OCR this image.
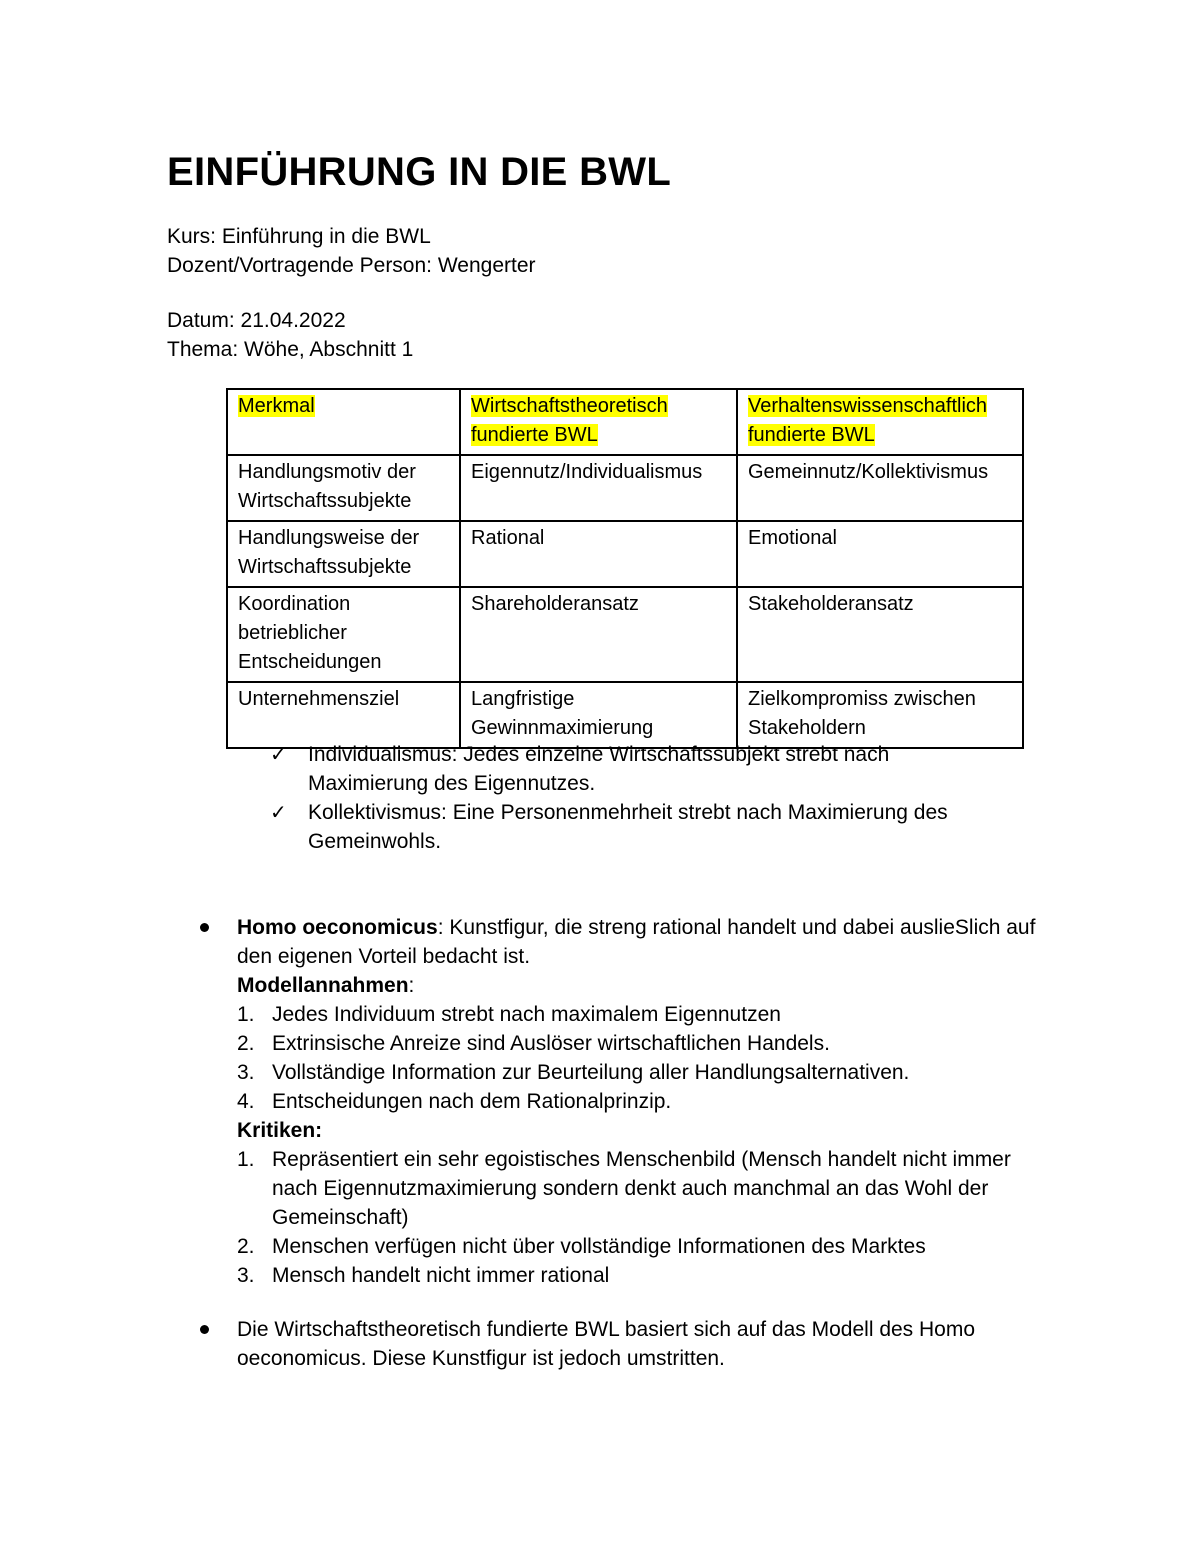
EINFÜHRUNG IN DIE BWL
Kurs: Einführung in die BWL
Dozent/Vortragende Person: Wengerter
Datum: 21.04.2022
Thema: Wöhe, Abschnitt 1
Merkmal	Wirtschaftstheoretisch fundierte BWL	Verhaltenswissenschaftlich fundierte BWL
Handlungsmotiv der Wirtschaftssubjekte	Eigennutz/Individualismus	Gemeinnutz/Kollektivismus
Handlungsweise der Wirtschaftssubjekte	Rational	Emotional
Koordination betrieblicher Entscheidungen	Shareholderansatz	Stakeholderansatz
Unternehmensziel	Langfristige Gewinnmaximierung	Zielkompromiss zwischen Stakeholdern
✓ Individualismus: Jedes einzelne Wirtschaftssubjekt strebt nach Maximierung des Eigennutzes.
✓ Kollektivismus: Eine Personenmehrheit strebt nach Maximierung des Gemeinwohls.
Homo oeconomicus: Kunstfigur, die streng rational handelt und dabei auslieSlich auf den eigenen Vorteil bedacht ist.
Modellannahmen:
1. Jedes Individuum strebt nach maximalem Eigennutzen
2. Extrinsische Anreize sind Auslöser wirtschaftlichen Handels.
3. Vollständige Information zur Beurteilung aller Handlungsalternativen.
4. Entscheidungen nach dem Rationalprinzip.
Kritiken:
1. Repräsentiert ein sehr egoistisches Menschenbild (Mensch handelt nicht immer nach Eigennutzmaximierung sondern denkt auch manchmal an das Wohl der Gemeinschaft)
2. Menschen verfügen nicht über vollständige Informationen des Marktes
3. Mensch handelt nicht immer rational
Die Wirtschaftstheoretisch fundierte BWL basiert sich auf das Modell des Homo oeconomicus. Diese Kunstfigur ist jedoch umstritten.
